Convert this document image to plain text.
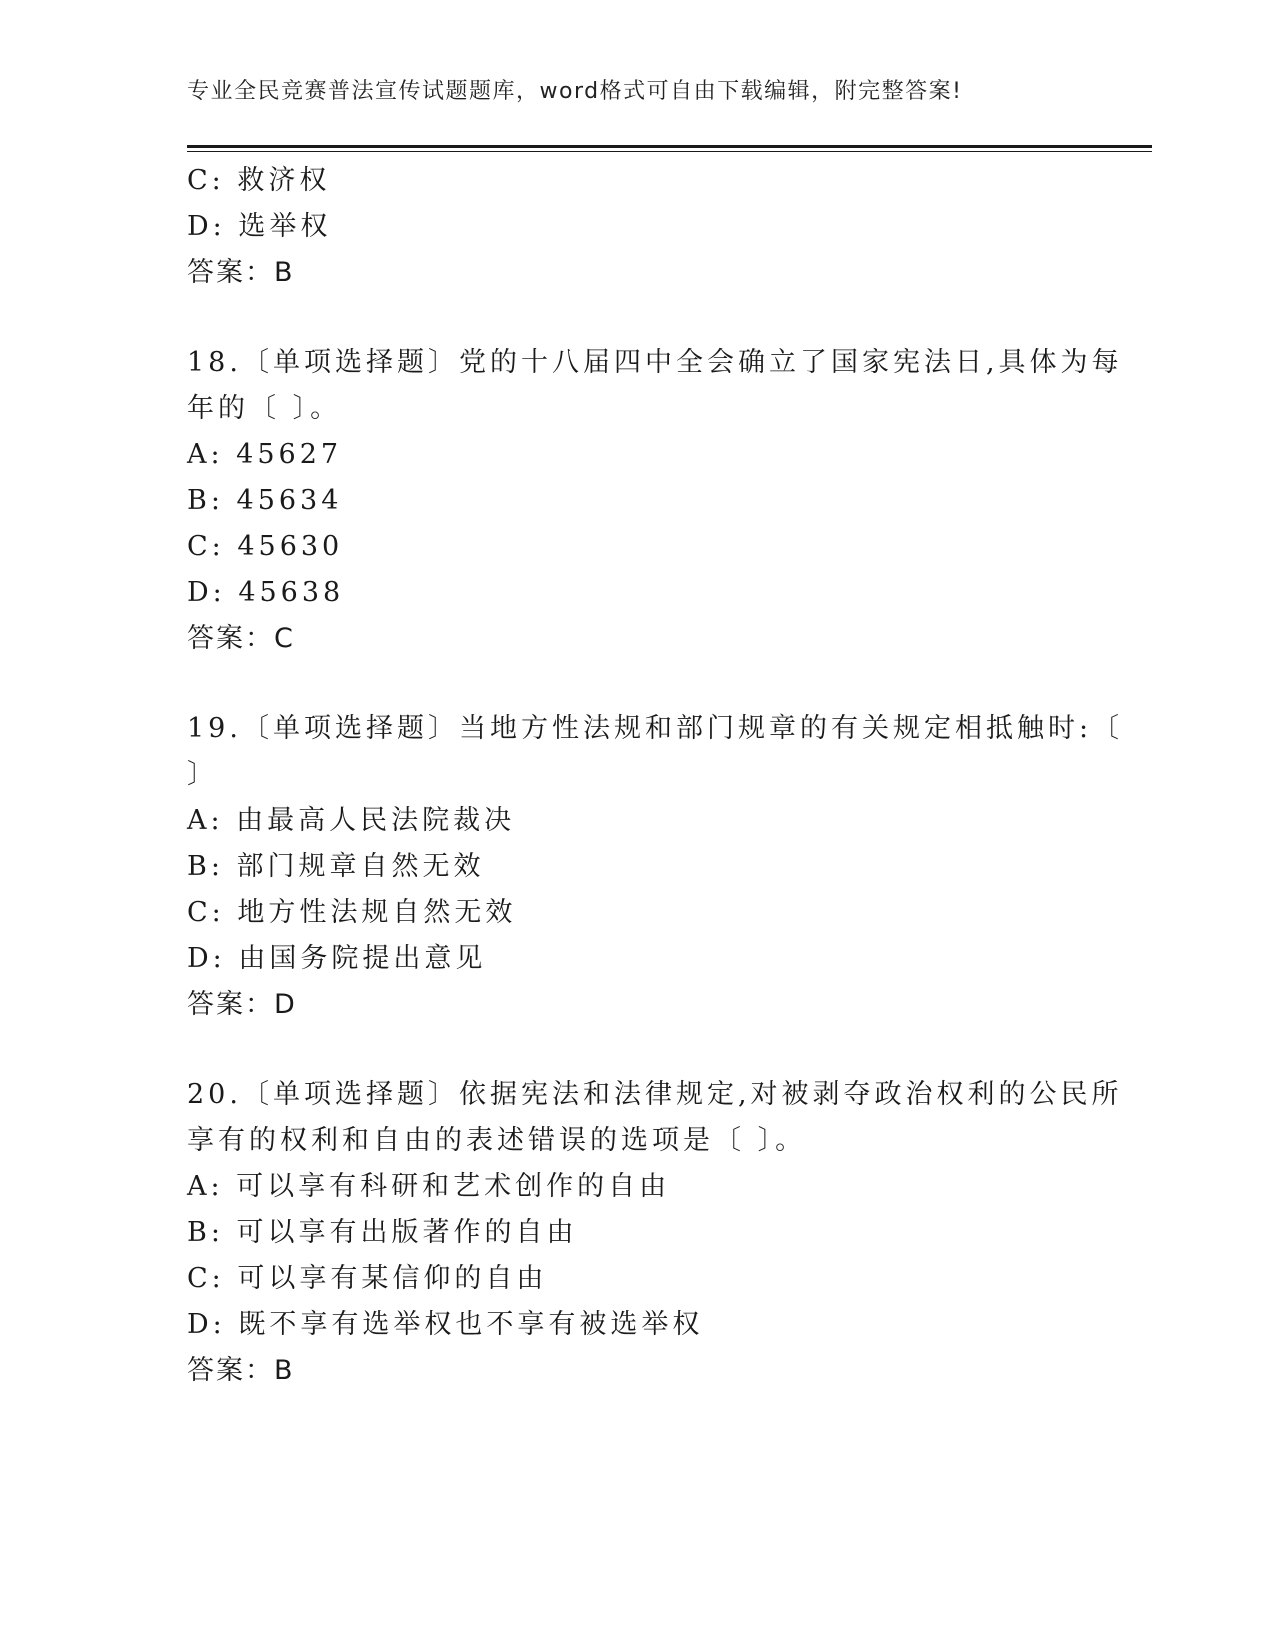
专业全民竞赛普法宣传试题题库，word格式可自由下载编辑，附完整答案!
C: 救济权
D: 选举权
答案：B
18.〔单项选择题〕党的十八届四中全会确立了国家宪法日,具体为每
年的〔 〕。
A: 45627
B: 45634
C: 45630
D: 45638
答案：C
19.〔单项选择题〕当地方性法规和部门规章的有关规定相抵触时:〔
〕
A: 由最高人民法院裁决
B: 部门规章自然无效
C: 地方性法规自然无效
D: 由国务院提出意见
答案：D
20.〔单项选择题〕依据宪法和法律规定,对被剥夺政治权利的公民所
享有的权利和自由的表述错误的选项是〔 〕。
A: 可以享有科研和艺术创作的自由
B: 可以享有出版著作的自由
C: 可以享有某信仰的自由
D: 既不享有选举权也不享有被选举权
答案：B
